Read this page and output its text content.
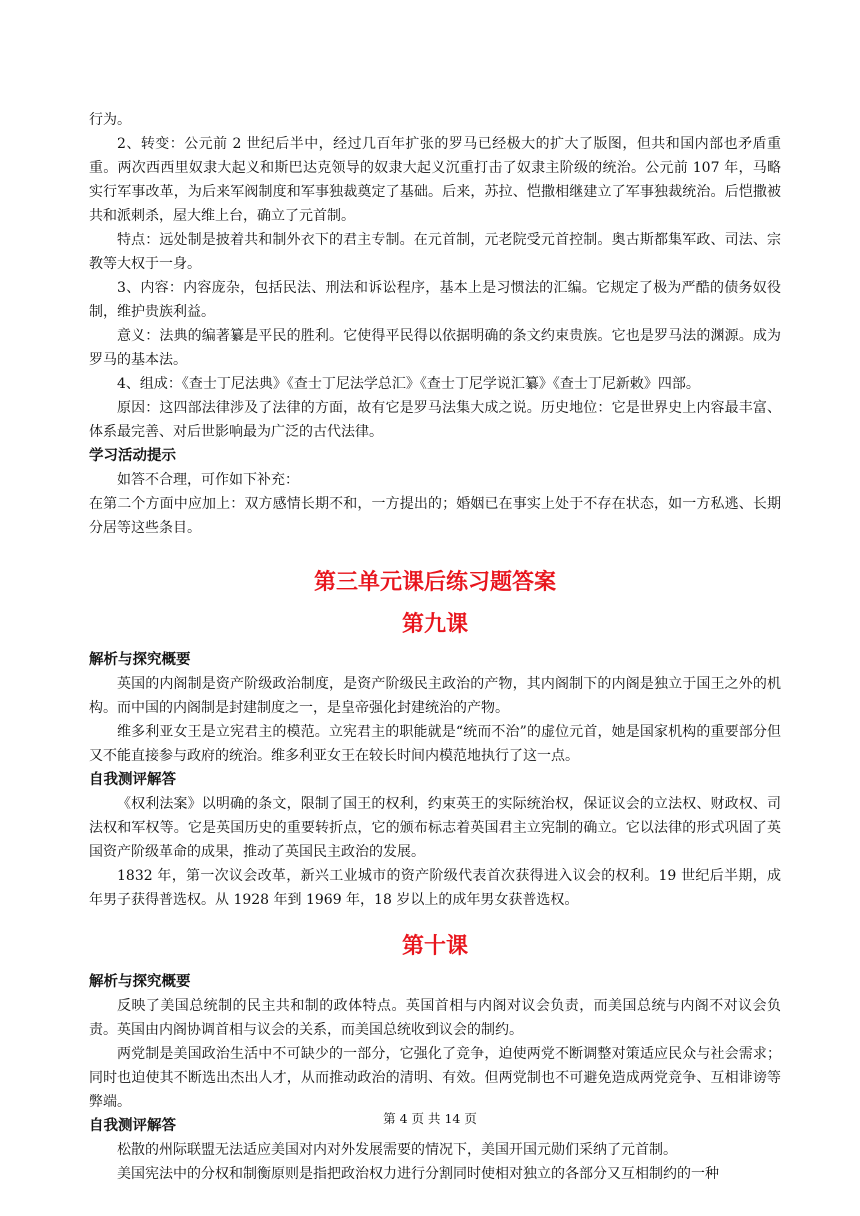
行为。

2、转变：公元前 2 世纪后半中，经过几百年扩张的罗马已经极大的扩大了版图，但共和国内部也矛盾重重。两次西西里奴隶大起义和斯巴达克领导的奴隶大起义沉重打击了奴隶主阶级的统治。公元前 107 年，马略实行军事改革，为后来军阀制度和军事独裁奠定了基础。后来，苏拉、恺撒相继建立了军事独裁统治。后恺撒被共和派刺杀，屋大维上台，确立了元首制。

特点：远处制是披着共和制外衣下的君主专制。在元首制，元老院受元首控制。奥古斯都集军政、司法、宗教等大权于一身。

3、内容：内容庞杂，包括民法、刑法和诉讼程序，基本上是习惯法的汇编。它规定了极为严酷的债务奴役制，维护贵族利益。

意义：法典的编著纂是平民的胜利。它使得平民得以依据明确的条文约束贵族。它也是罗马法的渊源。成为罗马的基本法。

4、组成：《查士丁尼法典》《查士丁尼法学总汇》《查士丁尼学说汇纂》《查士丁尼新敕》四部。

原因：这四部法律涉及了法律的方面，故有它是罗马法集大成之说。历史地位：它是世界史上内容最丰富、体系最完善、对后世影响最为广泛的古代法律。

学习活动提示

如答不合理，可作如下补充：

在第二个方面中应加上：双方感情长期不和，一方提出的；婚姻已在事实上处于不存在状态，如一方私逃、长期分居等这些条目。

第三单元课后练习题答案
第九课

解析与探究概要

英国的内阁制是资产阶级政治制度，是资产阶级民主政治的产物，其内阁制下的内阁是独立于国王之外的机构。而中国的内阁制是封建制度之一，是皇帝强化封建统治的产物。

维多利亚女王是立宪君主的模范。立宪君主的职能就是“统而不治”的虚位元首，她是国家机构的重要部分但又不能直接参与政府的统治。维多利亚女王在较长时间内模范地执行了这一点。

自我测评解答

《权利法案》以明确的条文，限制了国王的权利，约束英王的实际统治权，保证议会的立法权、财政权、司法权和军权等。它是英国历史的重要转折点，它的颁布标志着英国君主立宪制的确立。它以法律的形式巩固了英国资产阶级革命的成果，推动了英国民主政治的发展。

1832 年，第一次议会改革，新兴工业城市的资产阶级代表首次获得进入议会的权利。19 世纪后半期，成年男子获得普选权。从 1928 年到 1969 年，18 岁以上的成年男女获普选权。

第十课

解析与探究概要

反映了美国总统制的民主共和制的政体特点。英国首相与内阁对议会负责，而美国总统与内阁不对议会负责。英国由内阁协调首相与议会的关系，而美国总统收到议会的制约。

两党制是美国政治生活中不可缺少的一部分，它强化了竞争，迫使两党不断调整对策适应民众与社会需求；同时也迫使其不断选出杰出人才，从而推动政治的清明、有效。但两党制也不可避免造成两党竞争、互相诽谤等弊端。

自我测评解答

松散的州际联盟无法适应美国对内对外发展需要的情况下，美国开国元勋们采纳了元首制。

美国宪法中的分权和制衡原则是指把政治权力进行分割同时使相对独立的各部分又互相制约的一种

第 4 页 共 14 页
